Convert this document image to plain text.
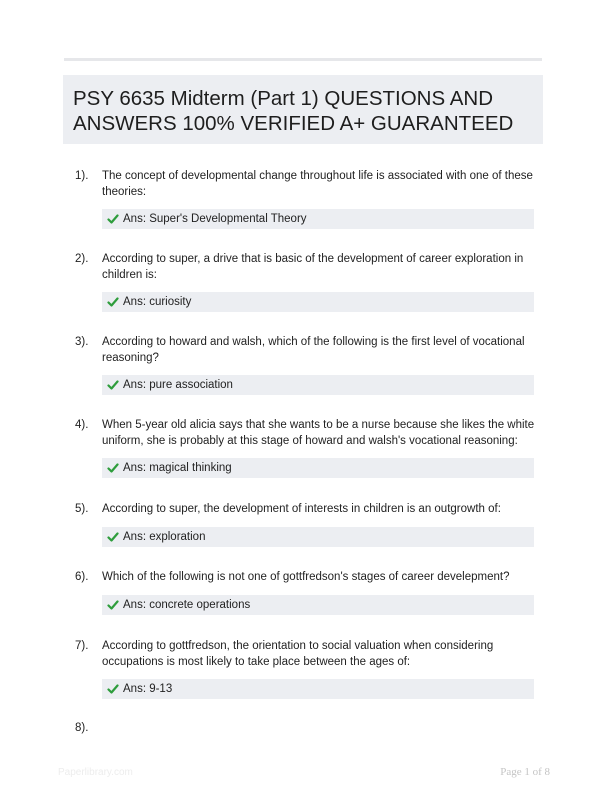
PSY 6635 Midterm (Part 1) QUESTIONS AND ANSWERS 100% VERIFIED A+ GUARANTEED
1). The concept of developmental change throughout life is associated with one of these theories:
Ans: Super's Developmental Theory
2). According to super, a drive that is basic of the development of career exploration in children is:
Ans: curiosity
3). According to howard and walsh, which of the following is the first level of vocational reasoning?
Ans: pure association
4). When 5-year old alicia says that she wants to be a nurse because she likes the white uniform, she is probably at this stage of howard and walsh's vocational reasoning:
Ans: magical thinking
5). According to super, the development of interests in children is an outgrowth of:
Ans: exploration
6). Which of the following is not one of gottfredson's stages of career develepment?
Ans: concrete operations
7). According to gottfredson, the orientation to social valuation when considering occupations is most likely to take place between the ages of:
Ans: 9-13
8).
Paperlibrary.com	Page 1 of 8
